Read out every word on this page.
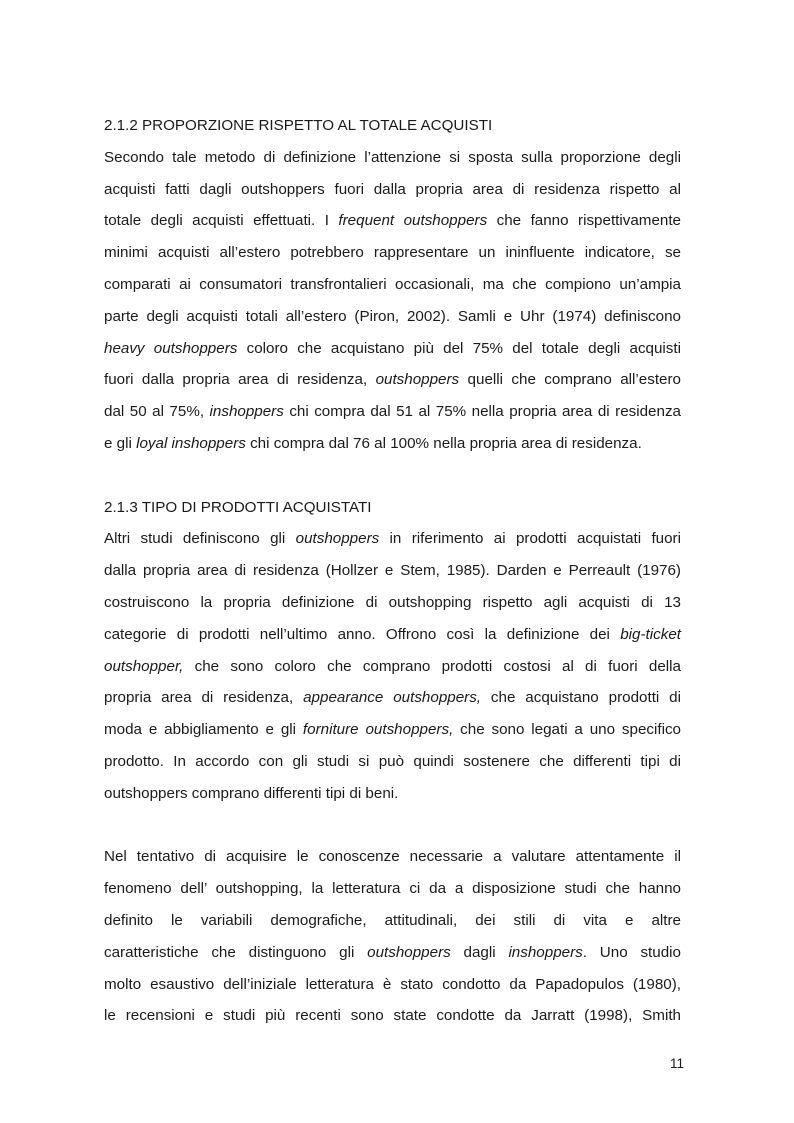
2.1.2 PROPORZIONE RISPETTO AL TOTALE ACQUISTI

Secondo tale metodo di definizione l’attenzione si sposta sulla proporzione degli
acquisti fatti dagli outshoppers fuori dalla propria area di residenza rispetto al
totale degli acquisti effettuati. I frequent outshoppers che fanno rispettivamente
minimi acquisti all’estero potrebbero rappresentare un ininfluente indicatore, se
comparati ai consumatori transfrontalieri occasionali, ma che compiono un’ampia
parte degli acquisti totali all’estero (Piron, 2002). Samli e Uhr (1974) definiscono
heavy outshoppers coloro che acquistano più del 75% del totale degli acquisti
fuori dalla propria area di residenza, outshoppers quelli che comprano all’estero
dal 50 al 75%, inshoppers chi compra dal 51 al 75% nella propria area di residenza
e gli loyal inshoppers chi compra dal 76 al 100% nella propria area di residenza.

2.1.3 TIPO DI PRODOTTI ACQUISTATI

Altri studi definiscono gli outshoppers in riferimento ai prodotti acquistati fuori
dalla propria area di residenza (Hollzer e Stem, 1985). Darden e Perreault (1976)
costruiscono la propria definizione di outshopping rispetto agli acquisti di 13
categorie di prodotti nell’ultimo anno. Offrono così la definizione dei big-ticket
outshopper, che sono coloro che comprano prodotti costosi al di fuori della
propria area di residenza, appearance outshoppers, che acquistano prodotti di
moda e abbigliamento e gli forniture outshoppers, che sono legati a uno specifico
prodotto. In accordo con gli studi si può quindi sostenere che differenti tipi di
outshoppers comprano differenti tipi di beni.
Nel tentativo di acquisire le conoscenze necessarie a valutare attentamente il
fenomeno dell’ outshopping, la letteratura ci da a disposizione studi che hanno
definito le variabili demografiche, attitudinali, dei stili di vita e altre
caratteristiche che distinguono gli outshoppers dagli inshoppers. Uno studio
molto esaustivo dell’iniziale letteratura è stato condotto da Papadopulos (1980),
le recensioni e studi più recenti sono state condotte da Jarratt (1998), Smith
11
